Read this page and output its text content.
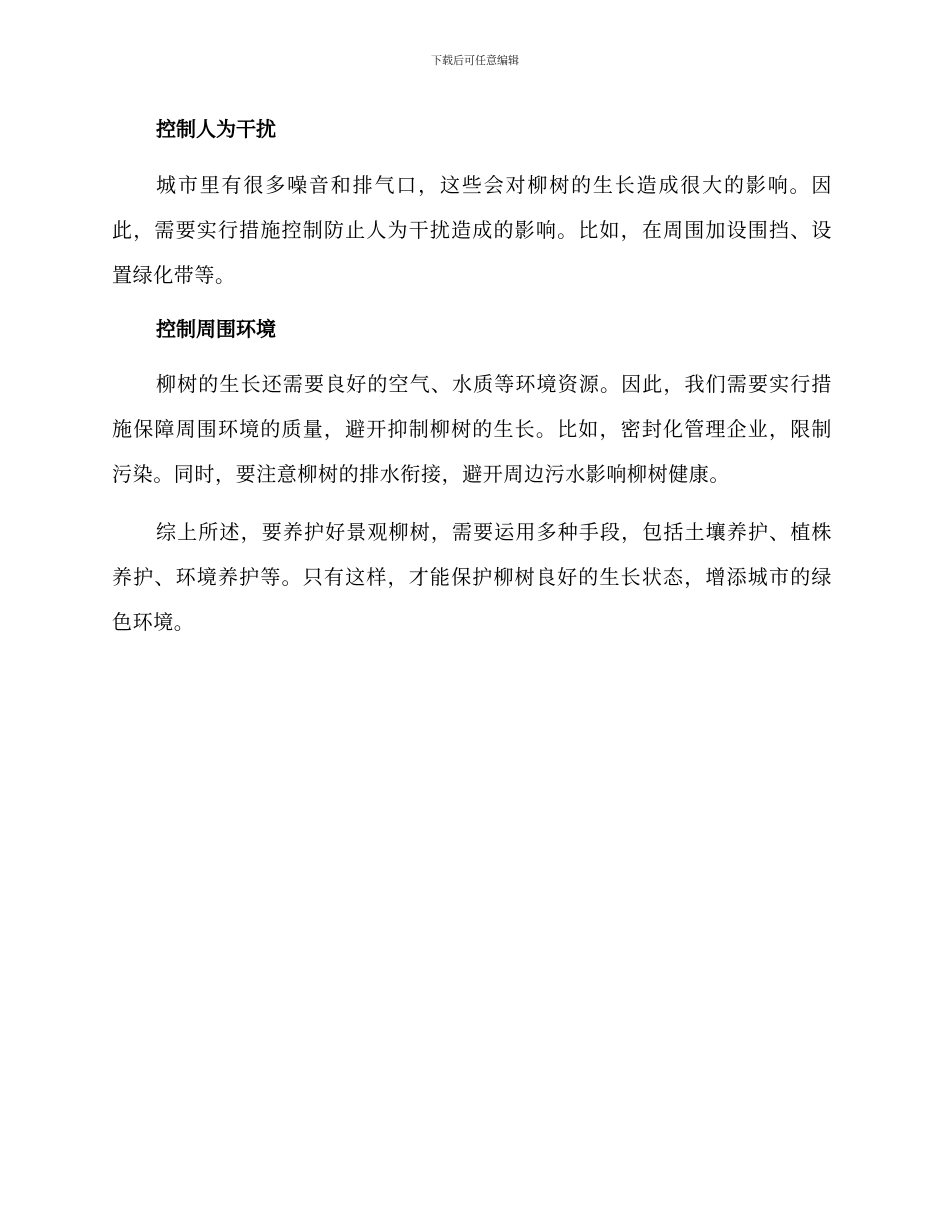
下载后可任意编辑

控制人为干扰

城市里有很多噪音和排气口，这些会对柳树的生长造成很大的影响。因此，需要实行措施控制防止人为干扰造成的影响。比如，在周围加设围挡、设置绿化带等。

控制周围环境

柳树的生长还需要良好的空气、水质等环境资源。因此，我们需要实行措施保障周围环境的质量，避开抑制柳树的生长。比如，密封化管理企业，限制污染。同时，要注意柳树的排水衔接，避开周边污水影响柳树健康。

综上所述，要养护好景观柳树，需要运用多种手段，包括土壤养护、植株养护、环境养护等。只有这样，才能保护柳树良好的生长状态，增添城市的绿色环境。
